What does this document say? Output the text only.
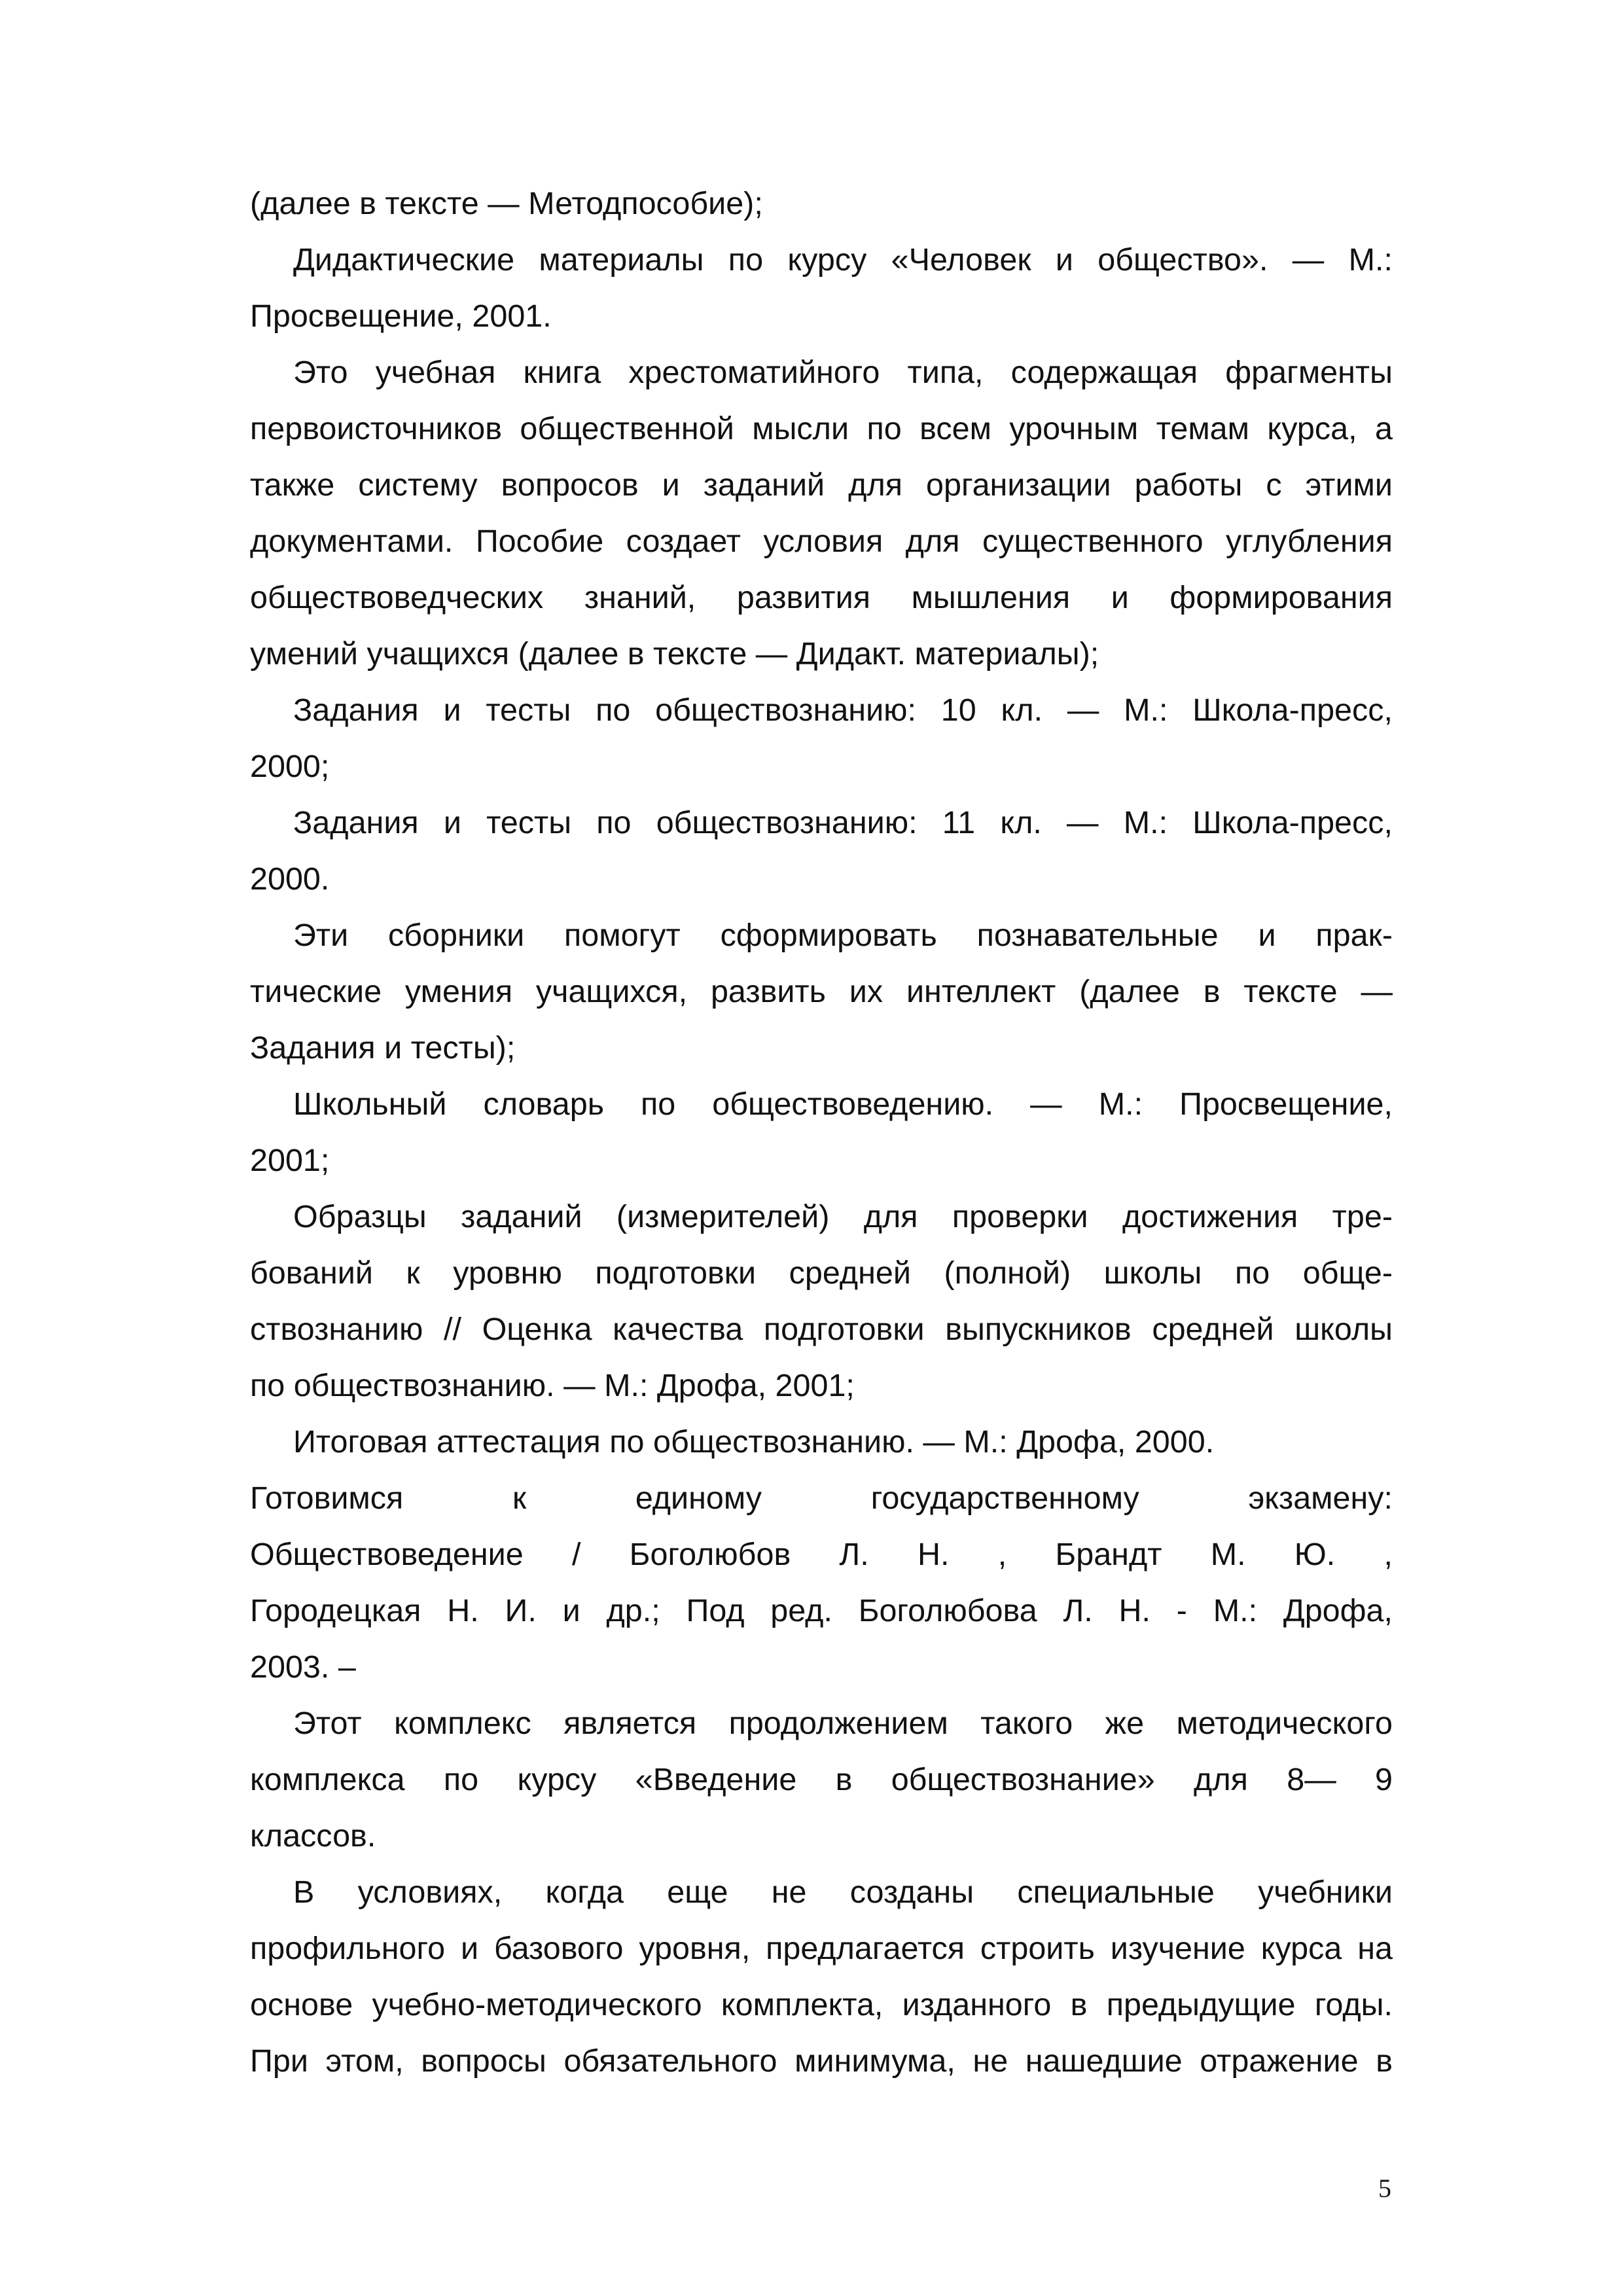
(далее в тексте — Методпособие);
Дидактические материалы по курсу «Человек и общество». — М.:
Просвещение, 2001.
Это учебная книга хрестоматийного типа, содержащая фрагменты
первоисточников общественной мысли по всем урочным темам курса, а
также систему вопросов и заданий для организации работы с этими
документами. Пособие создает условия для существенного углубления
обществоведческих знаний, развития мышления и формирования
умений учащихся (далее в тексте — Дидакт. материалы);
Задания и тесты по обществознанию: 10 кл. — М.: Школа-пресс,
2000;
Задания и тесты по обществознанию: 11 кл. — М.: Школа-пресс,
2000.
Эти сборники помогут сформировать познавательные и прак-
тические умения учащихся, развить их интеллект (далее в тексте —
Задания и тесты);
Школьный словарь по обществоведению. — М.: Просвещение,
2001;
Образцы заданий (измерителей) для проверки достижения тре-
бований к уровню подготовки средней (полной) школы по обще-
ствознанию // Оценка качества подготовки выпускников средней школы
по обществознанию. — М.: Дрофа, 2001;
Итоговая аттестация по обществознанию. — М.: Дрофа, 2000.
Готовимся к единому государственному экзамену:
Обществоведение / Боголюбов Л. Н. , Брандт М. Ю. ,
Городецкая Н. И. и др.; Под ред. Боголюбова Л. Н. - М.: Дрофа,
2003. –
Этот комплекс является продолжением такого же методического
комплекса по курсу «Введение в обществознание» для 8— 9
классов.
В условиях, когда еще не созданы специальные учебники
профильного и базового уровня, предлагается строить изучение курса на
основе учебно-методического комплекта, изданного в предыдущие годы.
При этом, вопросы обязательного минимума, не нашедшие отражение в
5
